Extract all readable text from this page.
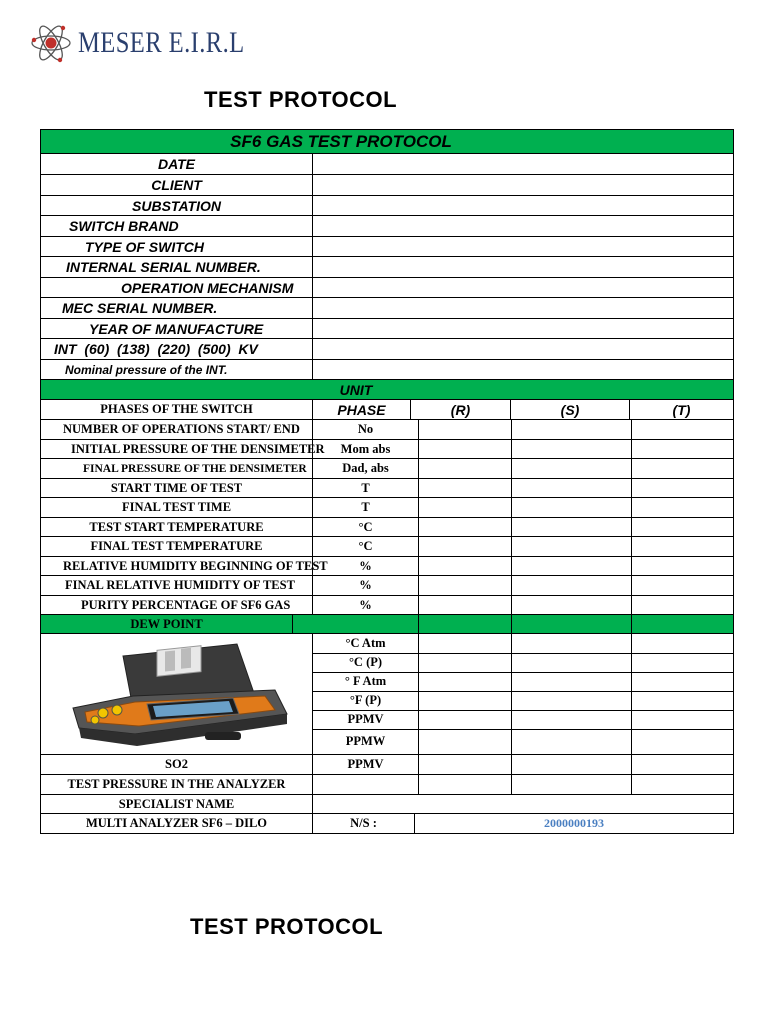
MESER E.I.R.L
TEST PROTOCOL
SF6 GAS TEST PROTOCOL
DATE
CLIENT
SUBSTATION
SWITCH BRAND
TYPE OF SWITCH
INTERNAL SERIAL NUMBER.
OPERATION MECHANISM
MEC SERIAL NUMBER.
YEAR OF MANUFACTURE
INT  (60)  (138)  (220)  (500)  KV
Nominal pressure of the INT.
UNIT
PHASES OF THE SWITCH	PHASE	(R)	(S)	(T)
NUMBER OF OPERATIONS START/ END	No
INITIAL PRESSURE OF THE DENSIMETER	Mom abs
FINAL PRESSURE OF THE DENSIMETER	Dad, abs
START TIME OF TEST	T
FINAL TEST TIME	T
TEST START TEMPERATURE	°C
FINAL TEST TEMPERATURE	°C
RELATIVE HUMIDITY BEGINNING OF TEST	%
FINAL RELATIVE HUMIDITY OF TEST	%
PURITY PERCENTAGE OF SF6 GAS	%
DEW POINT
°C Atm
°C (P)
° F Atm
°F (P)
PPMV
PPMW
SO2	PPMV
TEST PRESSURE IN THE ANALYZER
SPECIALIST NAME
MULTI ANALYZER SF6 – DILO	N/S :	2000000193
TEST PROTOCOL
